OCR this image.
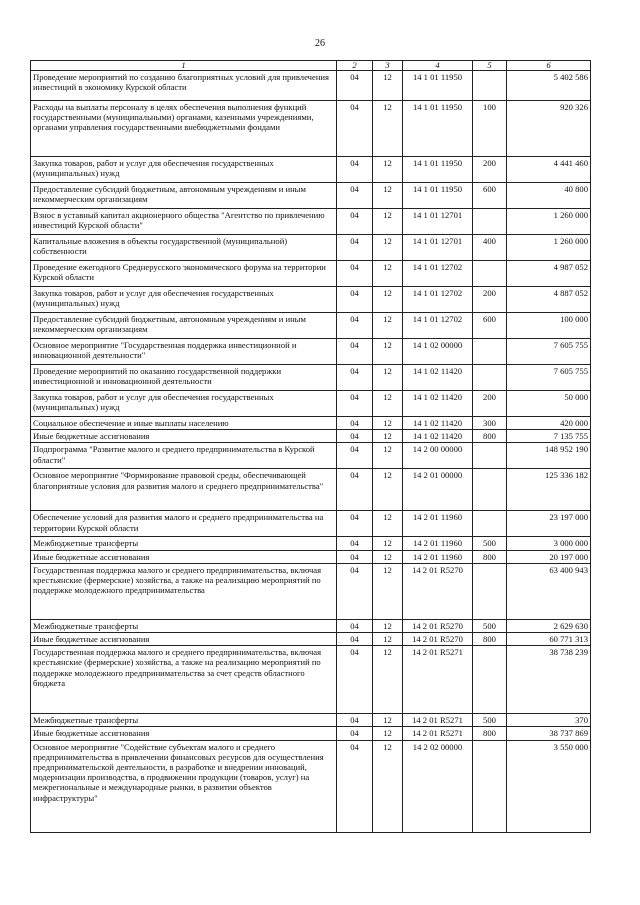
26
1	2	3	4	5	6
Проведение мероприятий по созданию благоприятных условий для привлечения инвестиций в экономику Курской области	04	12	14 1 01 11950		5 402 586
Расходы на выплаты персоналу в целях обеспечения выполнения функций государственными (муниципальными) органами, казенными учреждениями, органами управления государственными внебюджетными фондами	04	12	14 1 01 11950	100	920 326
Закупка товаров, работ и услуг для обеспечения государственных (муниципальных) нужд	04	12	14 1 01 11950	200	4 441 460
Предоставление субсидий бюджетным, автономным учреждениям и иным некоммерческим организациям	04	12	14 1 01 11950	600	40 800
Взнос в уставный капитал акционерного общества "Агентство по привлечению инвестиций Курской области"	04	12	14 1 01 12701		1 260 000
Капитальные вложения в объекты государственной (муниципальной) собственности	04	12	14 1 01 12701	400	1 260 000
Проведение ежегодного Среднерусского экономического форума на территории Курской области	04	12	14 1 01 12702		4 987 052
Закупка товаров, работ и услуг для обеспечения государственных (муниципальных) нужд	04	12	14 1 01 12702	200	4 887 052
Предоставление субсидий бюджетным, автономным учреждениям и иным некоммерческим организациям	04	12	14 1 01 12702	600	100 000
Основное мероприятие "Государственная поддержка инвестиционной и инновационной деятельности"	04	12	14 1 02 00000		7 605 755
Проведение мероприятий по оказанию государственной поддержки инвестиционной и инновационной деятельности	04	12	14 1 02 11420		7 605 755
Закупка товаров, работ и услуг для обеспечения государственных (муниципальных) нужд	04	12	14 1 02 11420	200	50 000
Социальное обеспечение и иные выплаты населению	04	12	14 1 02 11420	300	420 000
Иные бюджетные ассигнования	04	12	14 1 02 11420	800	7 135 755
Подпрограмма "Развитие малого и среднего предпринимательства в Курской области"	04	12	14 2 00 00000		148 952 190
Основное мероприятие "Формирование правовой среды, обеспечивающей благоприятные условия для развития малого и среднего предпринимательства"	04	12	14 2 01 00000		125 336 182
Обеспечение условий для развития малого и среднего предпринимательства на территории Курской области	04	12	14 2 01 11960		23 197 000
Межбюджетные трансферты	04	12	14 2 01 11960	500	3 000 000
Иные бюджетные ассигнования	04	12	14 2 01 11960	800	20 197 000
Государственная поддержка малого и среднего предпринимательства, включая крестьянские (фермерские) хозяйства, а также на реализацию мероприятий по поддержке молодежного предпринимательства	04	12	14 2 01 R5270		63 400 943
Межбюджетные трансферты	04	12	14 2 01 R5270	500	2 629 630
Иные бюджетные ассигнования	04	12	14 2 01 R5270	800	60 771 313
Государственная поддержка малого и среднего предпринимательства, включая крестьянские (фермерские) хозяйства, а также на реализацию мероприятий по поддержке молодежного предпринимательства за счет средств областного бюджета	04	12	14 2 01 R5271		38 738 239
Межбюджетные трансферты	04	12	14 2 01 R5271	500	370
Иные бюджетные ассигнования	04	12	14 2 01 R5271	800	38 737 869
Основное мероприятие "Содействие субъектам малого и среднего предпринимательства в привлечении финансовых ресурсов для осуществления предпринимательской деятельности, в разработке и внедрении инноваций, модернизации производства, в продвижении продукции (товаров, услуг) на межрегиональные и международные рынки, в развитии объектов инфраструктуры"	04	12	14 2 02 00000		3 550 000
